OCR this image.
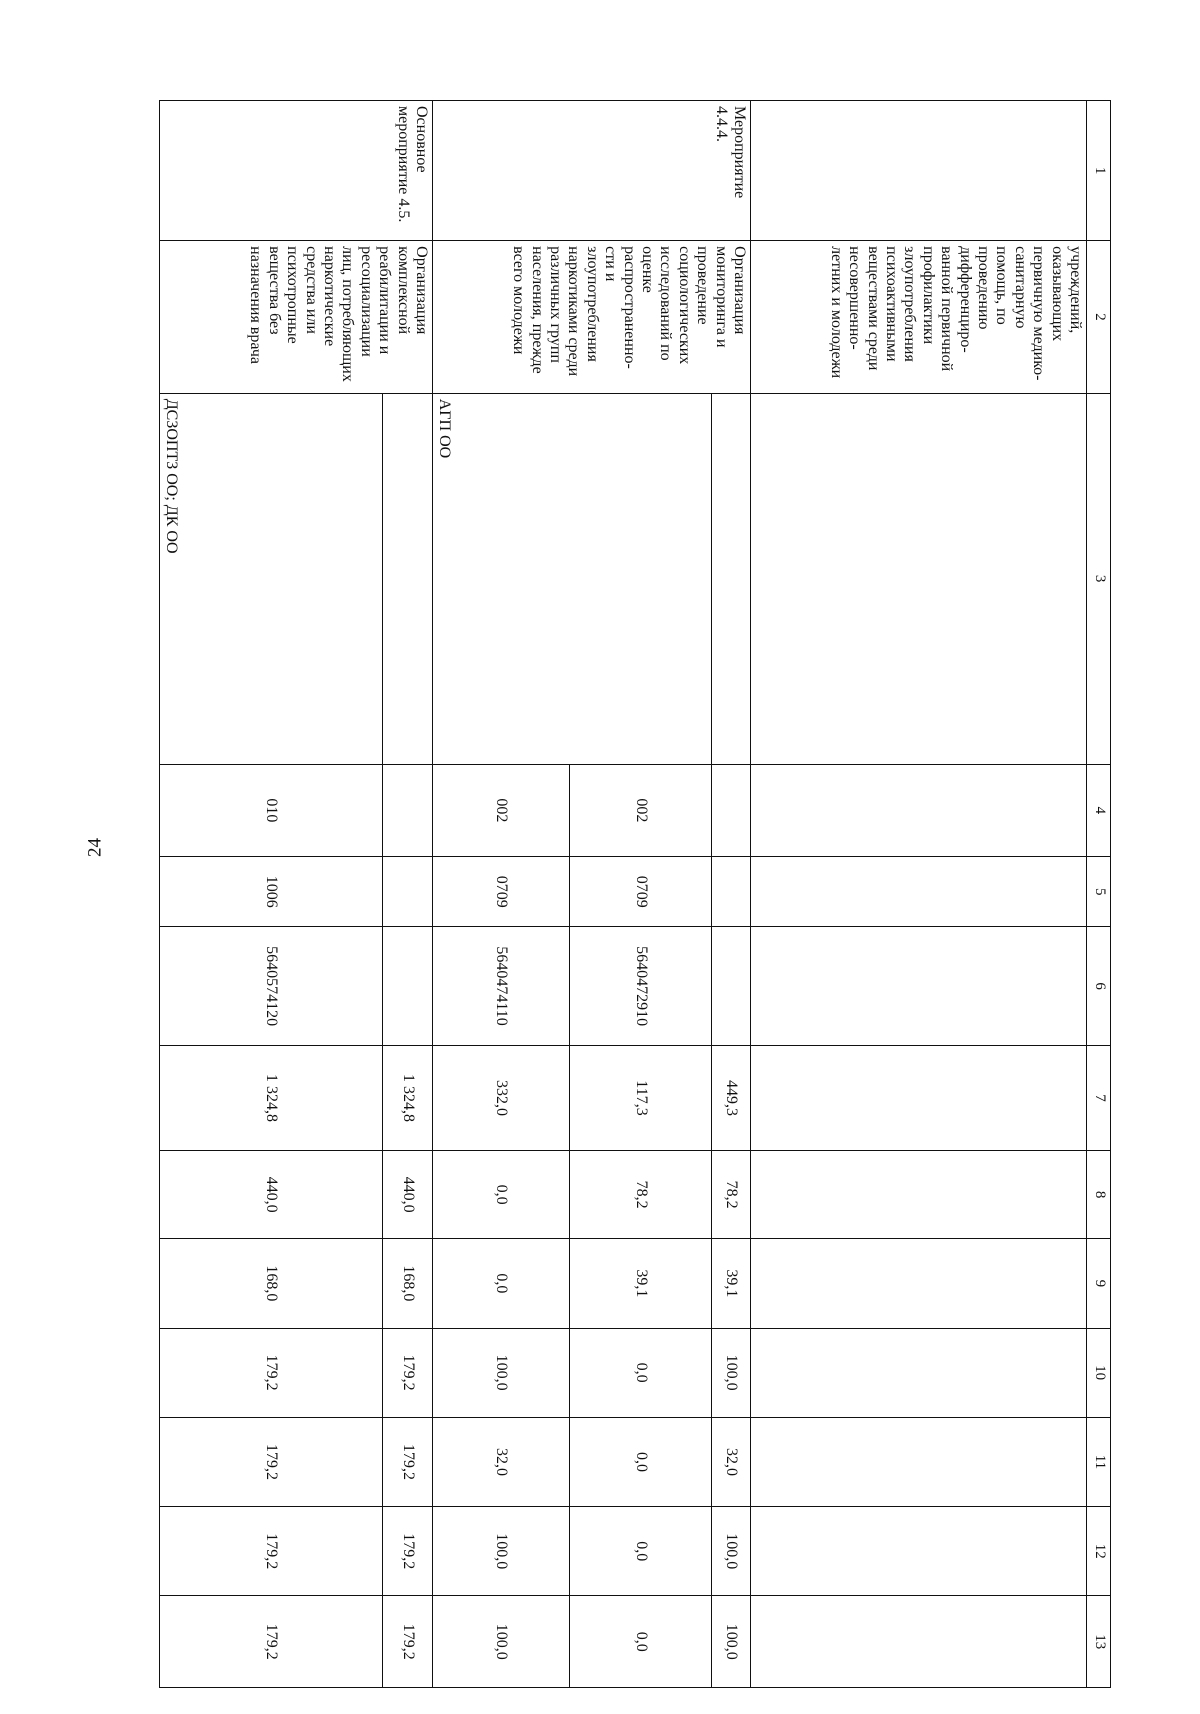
24
1	2	3	4	5	6	7	8	9	10	11	12	13
	учреждений, оказывающих первичную медико-санитарную помощь, по проведению дифференциро-ванной первичной профилактики злоупотребления психоактивными веществами среди несовершенно-летних и молодежи											
Мероприятие 4.4.4.	Организация мониторинга и проведение социологических исследований по оценке распространенно-сти и злоупотребления наркотиками среди различных групп населения, прежде всего молодежи					449,3	78,2	39,1	100,0	32,0	100,0	100,0
		АГП ОО	002	0709	5640472910	117,3	78,2	39,1	0,0	0,0	0,0	0,0
			002	0709	5640474110	332,0	0,0	0,0	100,0	32,0	100,0	100,0
Основное мероприятие 4.5.	Организация комплексной реабилитации и ресоциализации лиц, потребляющих наркотические средства или психотропные вещества без назначения врача					1 324,8	440,0	168,0	179,2	179,2	179,2	179,2
		ДСЗОПТЗ ОО; ДК ОО	010	1006	5640574120	1 324,8	440,0	168,0	179,2	179,2	179,2	179,2
